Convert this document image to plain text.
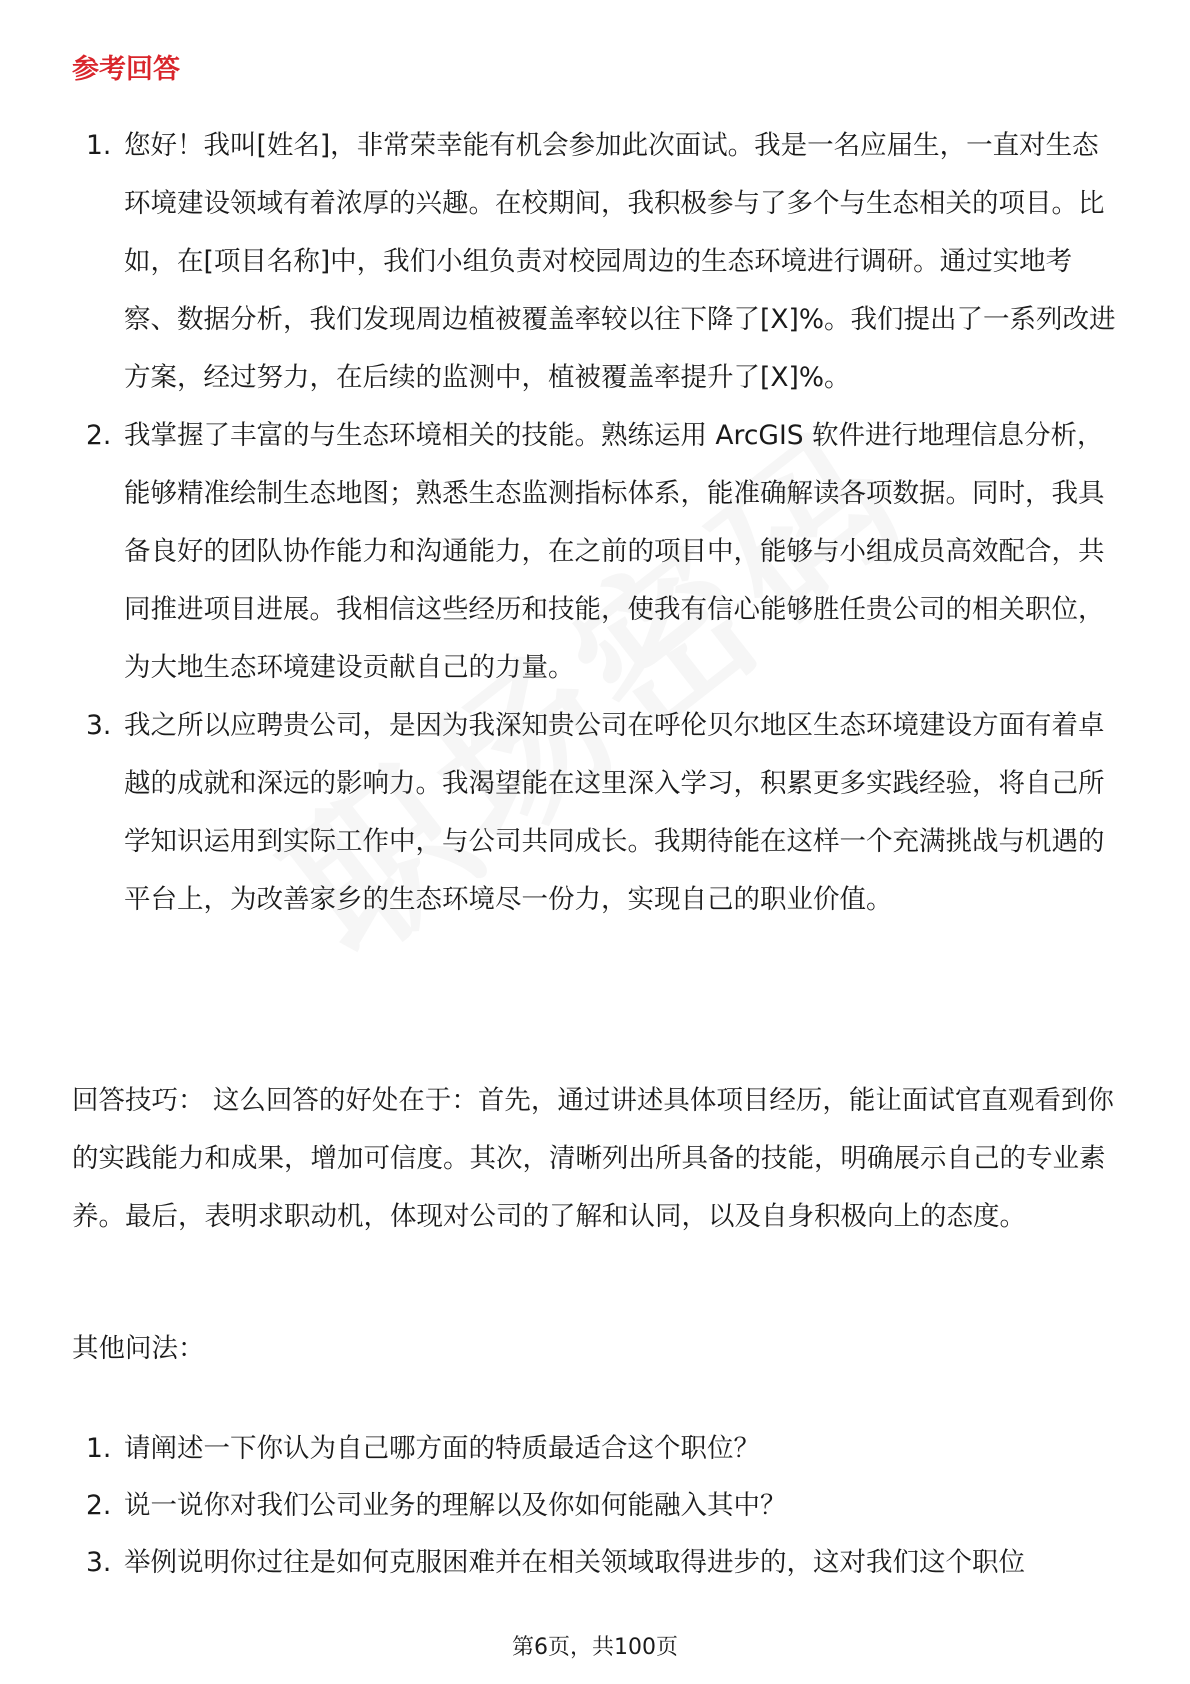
参考回答
1. 您好！我叫[姓名]，非常荣幸能有机会参加此次面试。我是一名应届生，一直对生态环境建设领域有着浓厚的兴趣。在校期间，我积极参与了多个与生态相关的项目。比如，在[项目名称]中，我们小组负责对校园周边的生态环境进行调研。通过实地考察、数据分析，我们发现周边植被覆盖率较以往下降了[X]%。我们提出了一系列改进方案，经过努力，在后续的监测中，植被覆盖率提升了[X]%。
2. 我掌握了丰富的与生态环境相关的技能。熟练运用 ArcGIS 软件进行地理信息分析，能够精准绘制生态地图；熟悉生态监测指标体系，能准确解读各项数据。同时，我具备良好的团队协作能力和沟通能力，在之前的项目中，能够与小组成员高效配合，共同推进项目进展。我相信这些经历和技能，使我有信心能够胜任贵公司的相关职位，为大地生态环境建设贡献自己的力量。
3. 我之所以应聘贵公司，是因为我深知贵公司在呼伦贝尔地区生态环境建设方面有着卓越的成就和深远的影响力。我渴望能在这里深入学习，积累更多实践经验，将自己所学知识运用到实际工作中，与公司共同成长。我期待能在这样一个充满挑战与机遇的平台上，为改善家乡的生态环境尽一份力，实现自己的职业价值。
回答技巧： 这么回答的好处在于：首先，通过讲述具体项目经历，能让面试官直观看到你的实践能力和成果，增加可信度。其次，清晰列出所具备的技能，明确展示自己的专业素养。最后，表明求职动机，体现对公司的了解和认同，以及自身积极向上的态度。
其他问法：
1. 请阐述一下你认为自己哪方面的特质最适合这个职位？
2. 说一说你对我们公司业务的理解以及你如何能融入其中？
3. 举例说明你过往是如何克服困难并在相关领域取得进步的，这对我们这个职位
第6页，共100页
